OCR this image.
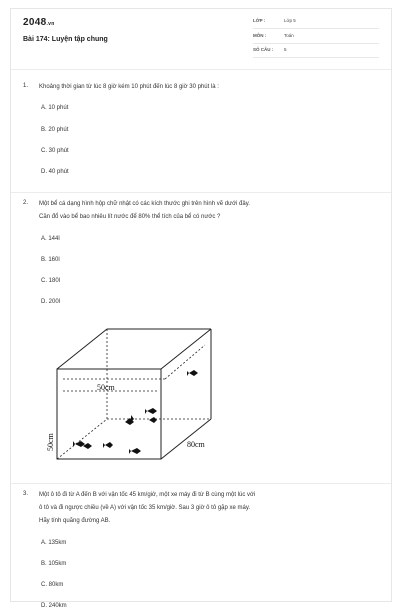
2048.vn
Bài 174: Luyện tập chung
LỚP :	Lớp 5
MÔN :	Toán
SỐ CÂU : 5
1. Khoảng thời gian từ lúc 8 giờ kém 10 phút đến lúc 8 giờ 30 phút là :
A. 10 phút
B. 20 phút
C. 30 phút
D. 40 phút
2. Một bể cá dạng hình hộp chữ nhật có các kích thước ghi trên hình vẽ dưới đây.
Cần đổ vào bể bao nhiêu lít nước để 80% thể tích của bể có nước ?
A. 144l
B. 160l
C. 180l
D. 200l
50cm
80cm
50cm
3. Một ô tô đi từ A đến B với vận tốc 45 km/giờ, một xe máy đi từ B cùng một lúc với
ô tô và đi ngược chiều (về A) với vận tốc 35 km/giờ. Sau 3 giờ ô tô gặp xe máy.
Hãy tính quãng đường AB.
A. 135km
B. 105km
C. 80km
D. 240km
